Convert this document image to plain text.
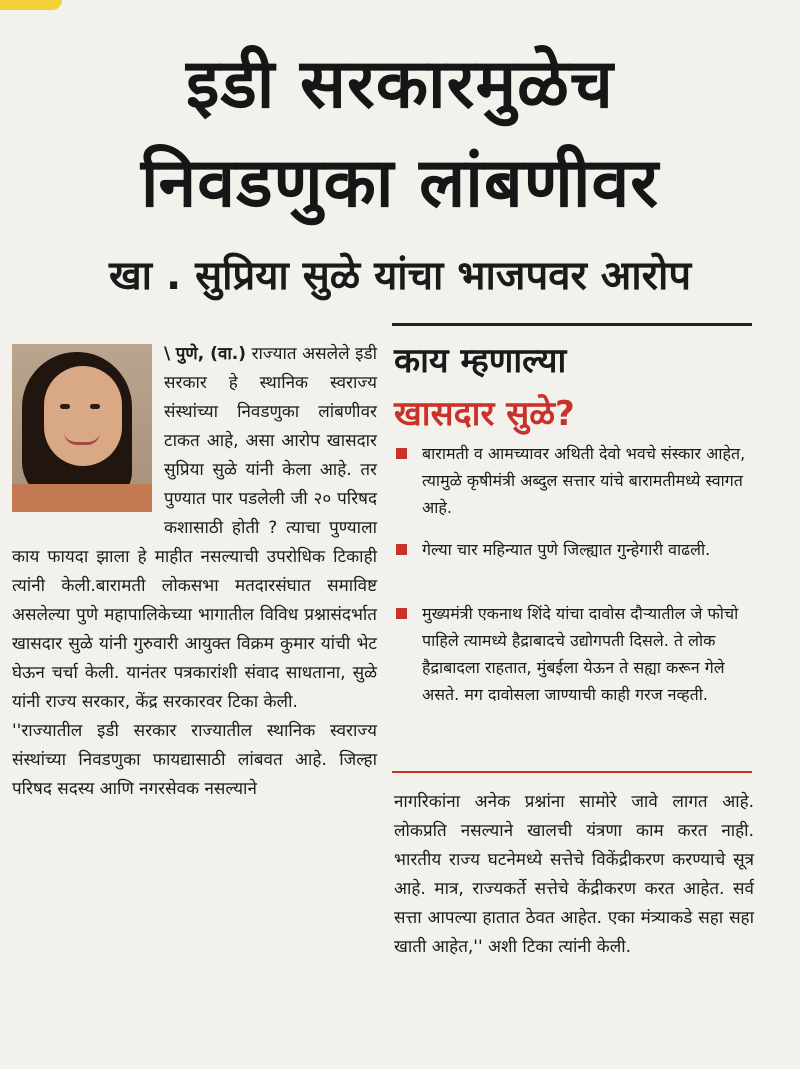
इडी सरकारमुळेच
निवडणुका लांबणीवर
खा . सुप्रिया सुळे यांचा भाजपवर आरोप

\ पुणे, (वा.) राज्यात असलेले इडी सरकार हे स्थानिक स्वराज्य संस्थांच्या निवडणुका लांबणीवर टाकत आहे, असा आरोप खासदार सुप्रिया सुळे यांनी केला आहे. तर पुण्यात पार पडलेली जी २० परिषद कशासाठी होती ? त्याचा पुण्याला काय फायदा झाला हे माहीत नसल्याची उपरोधिक टिकाही त्यांनी केली.बारामती लोकसभा मतदारसंघात समाविष्ट असलेल्या पुणे महापालिकेच्या भागातील विविध प्रश्नासंदर्भात खासदार सुळे यांनी गुरुवारी आयुक्त विक्रम कुमार यांची भेट घेऊन चर्चा केली. यानंतर पत्रकारांशी संवाद साधताना, सुळे यांनी राज्य सरकार, केंद्र सरकारवर टिका केली.

''राज्यातील इडी सरकार राज्यातील स्थानिक स्वराज्य संस्थांच्या निवडणुका फायद्यासाठी लांबवत आहे. जिल्हा परिषद सदस्य आणि नगरसेवक नसल्याने

काय म्हणाल्या
खासदार सुळे?
बारामती व आमच्यावर अथिती देवो भवचे संस्कार आहेत, त्यामुळे कृषीमंत्री अब्दुल सत्तार यांचे बारामतीमध्ये स्वागत आहे.
गेल्या चार महिन्यात पुणे जिल्ह्यात गुन्हेगारी वाढली.
मुख्यमंत्री एकनाथ शिंदे यांचा दावोस दौऱ्यातील जे फोचो पाहिले त्यामध्ये हैद्राबादचे उद्योगपती दिसले. ते लोक हैद्राबादला राहतात, मुंबईला येऊन ते सह्या करून गेले असते. मग दावोसला जाण्याची काही गरज नव्हती.

नागरिकांना अनेक प्रश्नांना सामोरे जावे लागत आहे. लोकप्रति नसल्याने खालची यंत्रणा काम करत नाही. भारतीय राज्य घटनेमध्ये सत्तेचे विकेंद्रीकरण करण्याचे सूत्र आहे. मात्र, राज्यकर्ते सत्तेचे केंद्रीकरण करत आहेत. सर्व सत्ता आपल्या हातात ठेवत आहेत. एका मंत्र्याकडे सहा सहा खाती आहेत,'' अशी टिका त्यांनी केली.
